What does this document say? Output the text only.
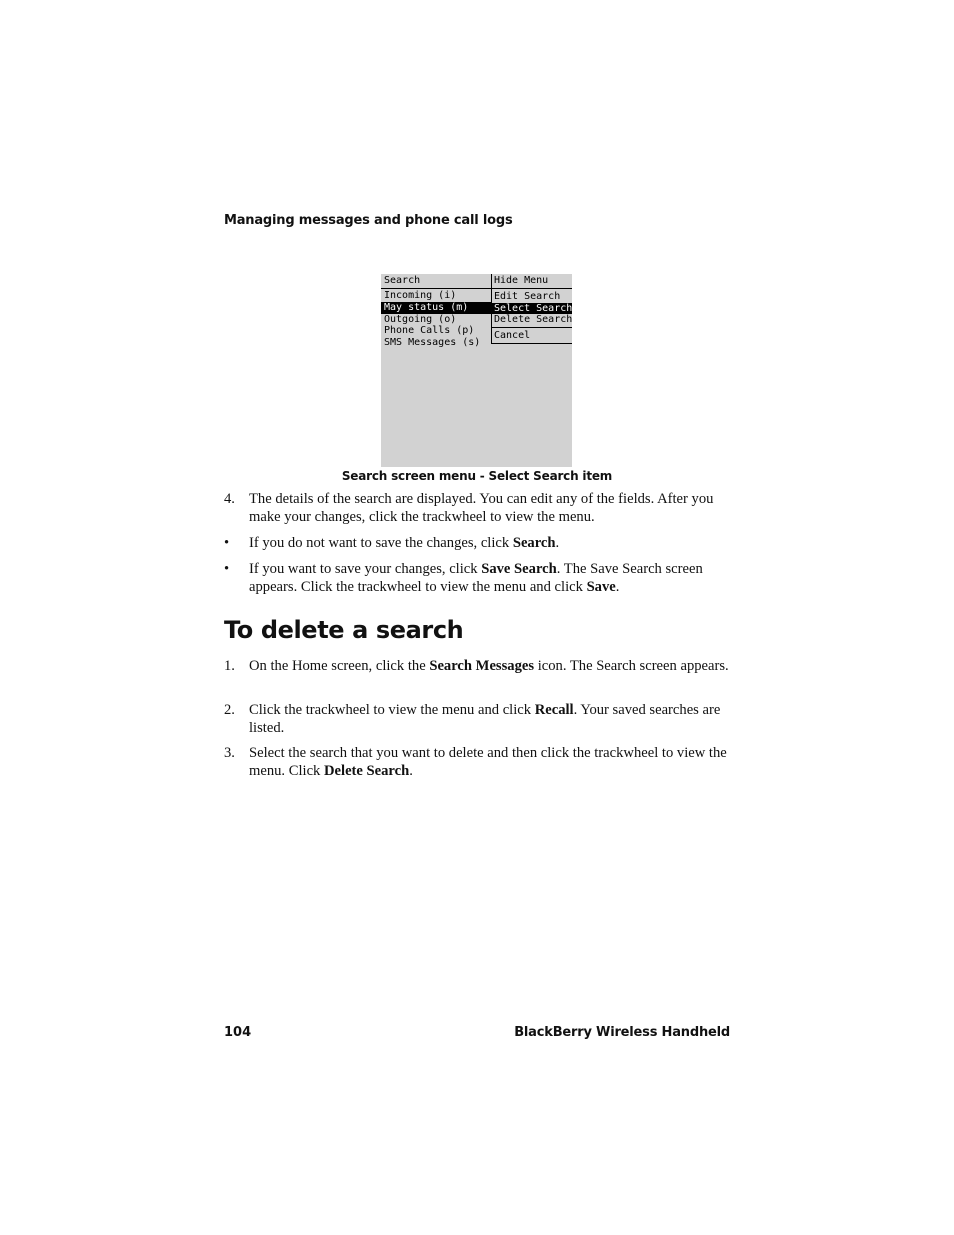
Managing messages and phone call logs
Search
Incoming (i)
May status (m)
Outgoing (o)
Phone Calls (p)
SMS Messages (s)
Hide Menu
Edit Search
Select Search
Delete Search
Cancel
Search screen menu - Select Search item
4. The details of the search are displayed. You can edit any of the fields. After you make your changes, click the trackwheel to view the menu.
• If you do not want to save the changes, click Search.
• If you want to save your changes, click Save Search. The Save Search screen appears. Click the trackwheel to view the menu and click Save.
To delete a search
1. On the Home screen, click the Search Messages icon. The Search screen appears.
2. Click the trackwheel to view the menu and click Recall. Your saved searches are listed.
3. Select the search that you want to delete and then click the trackwheel to view the menu. Click Delete Search.
104	BlackBerry Wireless Handheld
